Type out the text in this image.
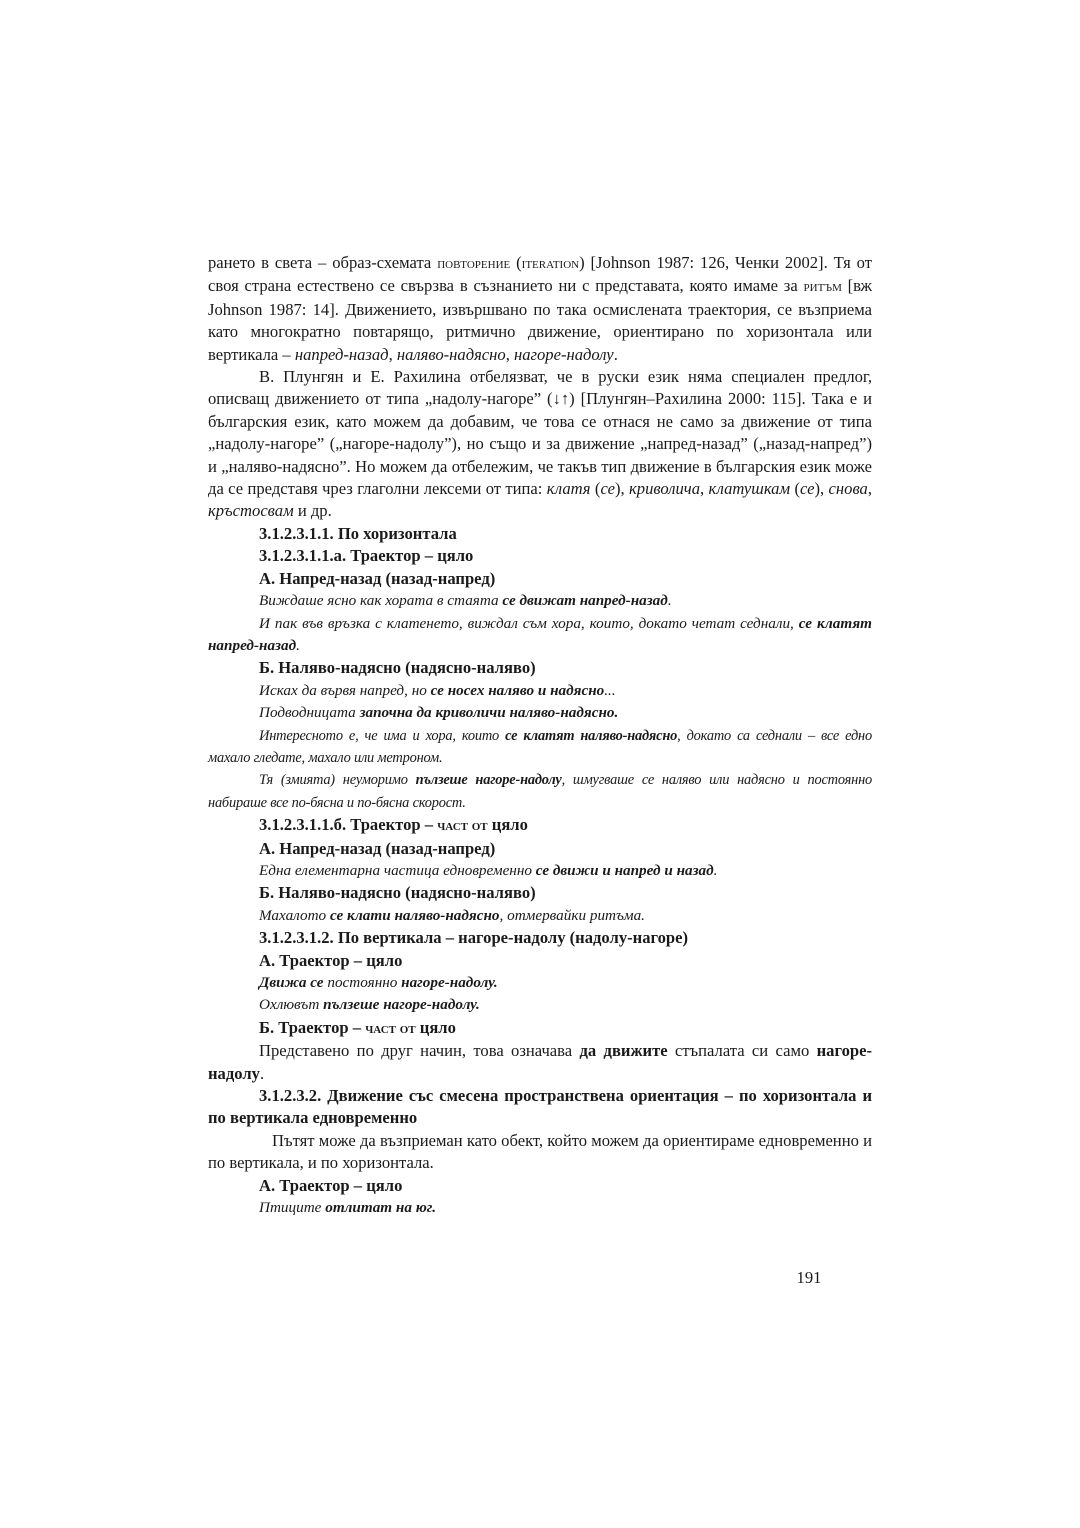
рането в света – образ-схемата повторение (iteration) [Johnson 1987: 126, Ченки 2002]. Тя от своя страна естествено се свързва в съзнанието ни с представата, която имаме за ритъм [вж Johnson 1987: 14]. Движението, извършвано по така осмислената траектория, се възприема като многократно повтарящо, ритмично движение, ориентирано по хоризонтала или вертикала – напред-назад, наляво-надясно, нагоре-надолу.

В. Плунгян и Е. Рахилина отбелязват, че в руски език няма специален предлог, описващ движението от типа „надолу-нагоре” (↓↑) [Плунгян–Рахилина 2000: 115]. Така е и българския език, като можем да добавим, че това се отнася не само за движение от типа „надолу-нагоре” („нагоре-надолу”), но също и за движение „напред-назад” („назад-напред”) и „наляво-надясно”. Но можем да отбележим, че такъв тип движение в българския език може да се представя чрез глаголни лексеми от типа: клатя (се), криволича, клатушкам (се), снова, кръстосвам и др.

3.1.2.3.1.1. По хоризонтала

3.1.2.3.1.1.а. Траектор – цяло

А. Напред-назад (назад-напред)

Виждаше ясно как хората в стаята се движат напред-назад.

И пак във връзка с клатенето, виждал съм хора, които, докато четат седнали, се клатят напред-назад.

Б. Наляво-надясно (надясно-наляво)

Исках да вървя напред, но се носех наляво и надясно...

Подводницата започна да криволичи наляво-надясно.

Интересното е, че има и хора, които се клатят наляво-надясно, докато са седнали – все едно махало гледате, махало или метроном.

Тя (змията) неуморимо пълзеше нагоре-надолу, шмугваше се наляво или надясно и постоянно набираше все по-бясна и по-бясна скорост.

3.1.2.3.1.1.б. Траектор – част от цяло

А. Напред-назад (назад-напред)

Една елементарна частица едновременно се движи и напред и назад.

Б. Наляво-надясно (надясно-наляво)

Махалото се клати наляво-надясно, отмервайки ритъма.

3.1.2.3.1.2. По вертикала – нагоре-надолу (надолу-нагоре)

А. Траектор – цяло

Движа се постоянно нагоре-надолу.

Охлювът пълзеше нагоре-надолу.

Б. Траектор – част от цяло

Представено по друг начин, това означава да движите стъпалата си само нагоре-надолу.

3.1.2.3.2. Движение със смесена пространствена ориентация – по хоризонтала и по вертикала едновременно

Пътят може да възприеман като обект, който можем да ориентираме едновременно и по вертикала, и по хоризонтала.

А. Траектор – цяло

Птиците отлитат на юг.

191
